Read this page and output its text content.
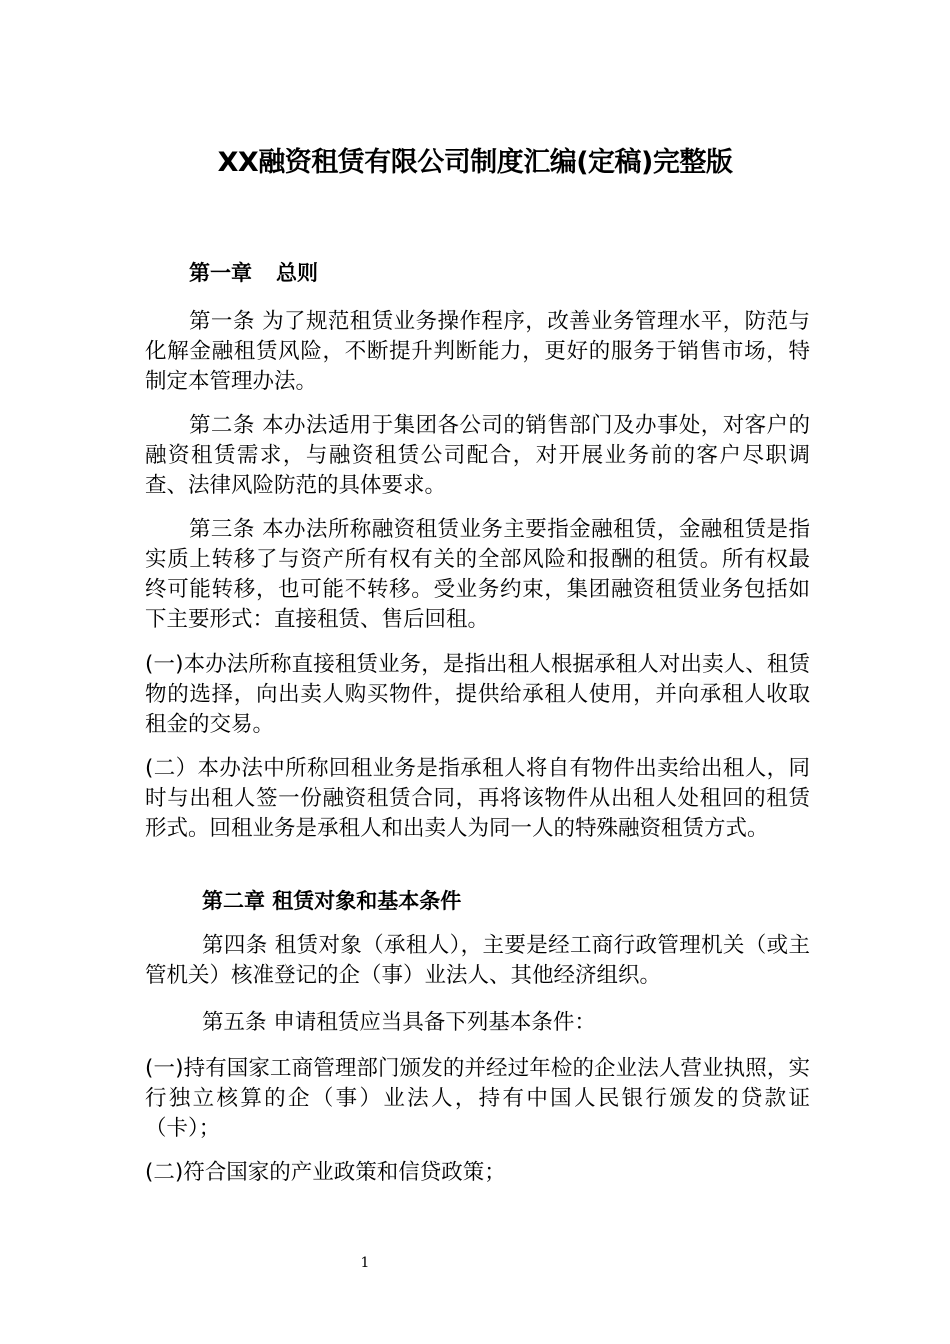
XX融资租赁有限公司制度汇编(定稿)完整版

第一章 总则

第一条 为了规范租赁业务操作程序，改善业务管理水平，防范与化解金融租赁风险，不断提升判断能力，更好的服务于销售市场，特制定本管理办法。

第二条 本办法适用于集团各公司的销售部门及办事处，对客户的融资租赁需求，与融资租赁公司配合，对开展业务前的客户尽职调查、法律风险防范的具体要求。

第三条 本办法所称融资租赁业务主要指金融租赁，金融租赁是指实质上转移了与资产所有权有关的全部风险和报酬的租赁。所有权最终可能转移，也可能不转移。受业务约束，集团融资租赁业务包括如下主要形式：直接租赁、售后回租。

(一)本办法所称直接租赁业务，是指出租人根据承租人对出卖人、租赁物的选择，向出卖人购买物件，提供给承租人使用，并向承租人收取租金的交易。

(二）本办法中所称回租业务是指承租人将自有物件出卖给出租人，同时与出租人签一份融资租赁合同，再将该物件从出租人处租回的租赁形式。回租业务是承租人和出卖人为同一人的特殊融资租赁方式。

第二章 租赁对象和基本条件

第四条 租赁对象（承租人），主要是经工商行政管理机关（或主管机关）核准登记的企（事）业法人、其他经济组织。

第五条 申请租赁应当具备下列基本条件：

(一)持有国家工商管理部门颁发的并经过年检的企业法人营业执照，实行独立核算的企（事）业法人，持有中国人民银行颁发的贷款证（卡）；

(二)符合国家的产业政策和信贷政策；

1
